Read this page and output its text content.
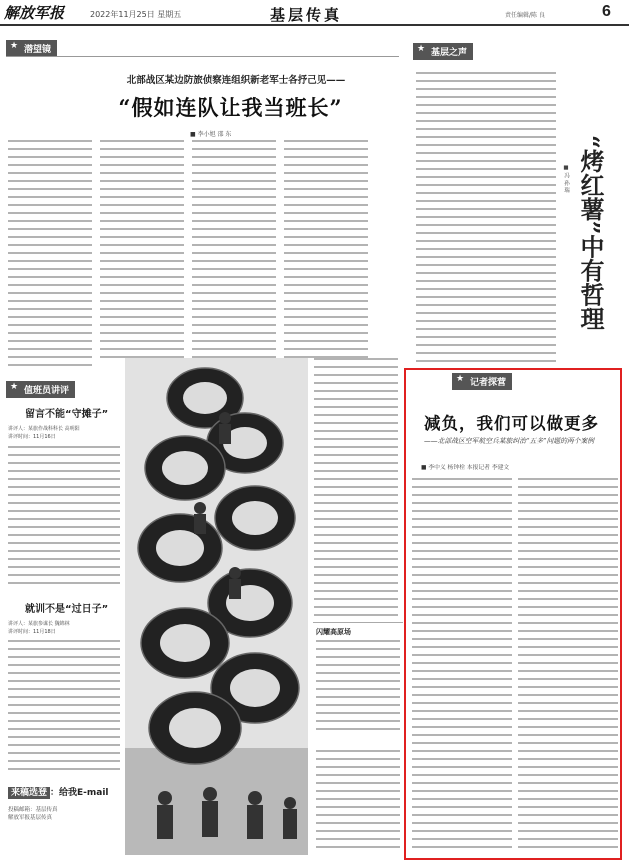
解放军报	2022年11月25日 星期五	基层传真	责任编辑/陈 良	6
★ 潜望镜
北部战区某边防旅侦察连组织新老军士各抒己见——
“假如连队让我当班长”
■ 李小旭 邵 东
闪耀高原场
★ 值班员讲评
留言不能“守摊子”
讲评人：某旅作战科科长 高明阳
讲评时间：11月16日
就训不是“过日子”
讲评人：某旅参谋长 魏锦林
讲评时间：11月18日
来稿选登 ：给我E-mail
投稿邮箱：基层传真
解放军报基层传真
★ 基层之声
“烤红薯”中有哲理
■ 冯 孙 瑞
★ 记者探营
减负，我们可以做更多
——北部战区空军航空兵某旅纠治“五多”问题的两个案例
■ 李中义 杨钟栓 本报记者 李建文
